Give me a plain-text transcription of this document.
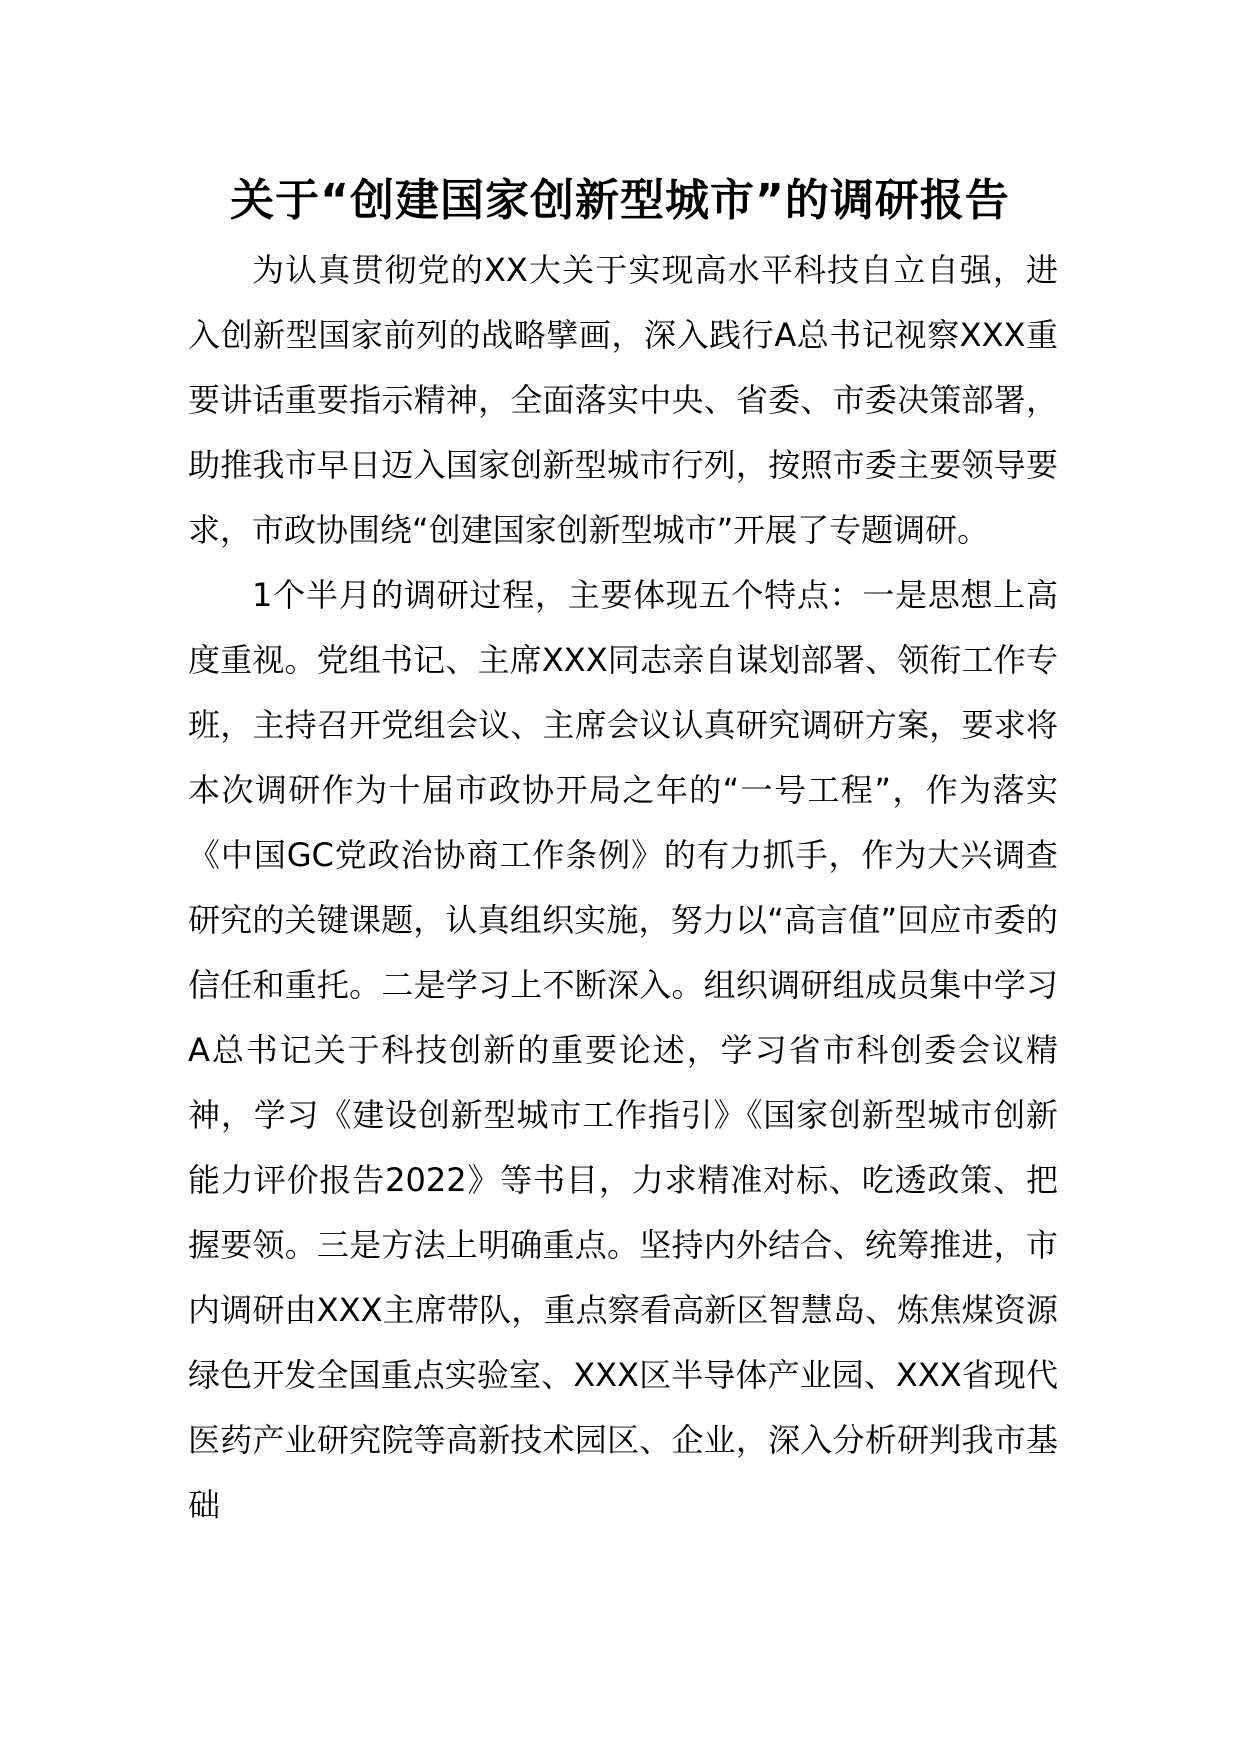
关于“创建国家创新型城市”的调研报告

为认真贯彻党的XX大关于实现高水平科技自立自强，进入创新型国家前列的战略擘画，深入践行A总书记视察XXX重要讲话重要指示精神，全面落实中央、省委、市委决策部署，助推我市早日迈入国家创新型城市行列，按照市委主要领导要求，市政协围绕“创建国家创新型城市”开展了专题调研。

1个半月的调研过程，主要体现五个特点：一是思想上高度重视。党组书记、主席XXX同志亲自谋划部署、领衔工作专班，主持召开党组会议、主席会议认真研究调研方案，要求将本次调研作为十届市政协开局之年的“一号工程”，作为落实《中国GC党政治协商工作条例》的有力抓手，作为大兴调查研究的关键课题，认真组织实施，努力以“高言值”回应市委的信任和重托。二是学习上不断深入。组织调研组成员集中学习A总书记关于科技创新的重要论述，学习省市科创委会议精神，学习《建设创新型城市工作指引》《国家创新型城市创新能力评价报告2022》等书目，力求精准对标、吃透政策、把握要领。三是方法上明确重点。坚持内外结合、统筹推进，市内调研由XXX主席带队，重点察看高新区智慧岛、炼焦煤资源绿色开发全国重点实验室、XXX区半导体产业园、XXX省现代医药产业研究院等高新技术园区、企业，深入分析研判我市基础
